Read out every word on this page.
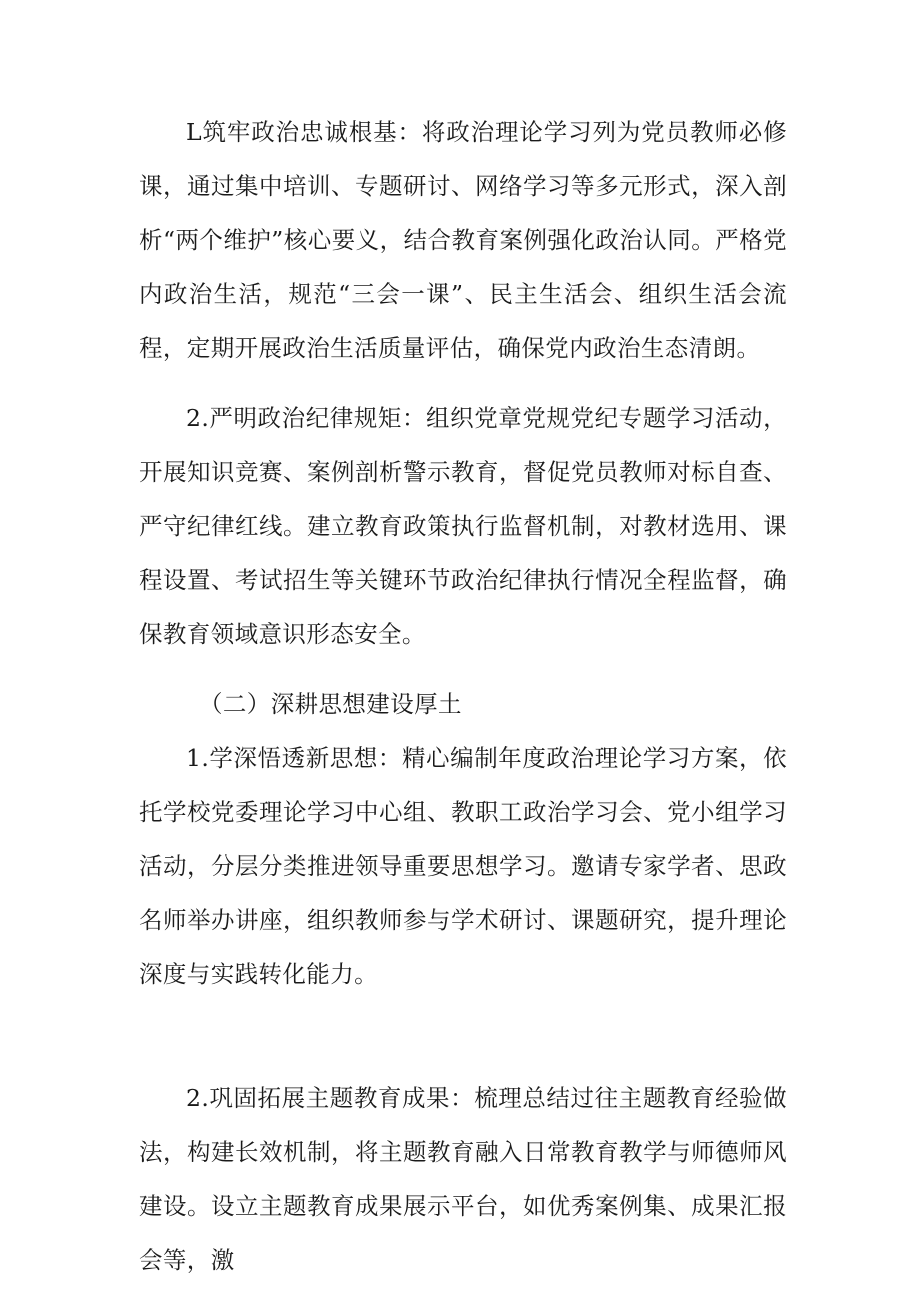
L筑牢政治忠诚根基：将政治理论学习列为党员教师必修课，通过集中培训、专题研讨、网络学习等多元形式，深入剖析“两个维护”核心要义，结合教育案例强化政治认同。严格党内政治生活，规范“三会一课”、民主生活会、组织生活会流程，定期开展政治生活质量评估，确保党内政治生态清朗。

2.严明政治纪律规矩：组织党章党规党纪专题学习活动，开展知识竞赛、案例剖析警示教育，督促党员教师对标自查、严守纪律红线。建立教育政策执行监督机制，对教材选用、课程设置、考试招生等关键环节政治纪律执行情况全程监督，确保教育领域意识形态安全。

（二）深耕思想建设厚土

1.学深悟透新思想：精心编制年度政治理论学习方案，依托学校党委理论学习中心组、教职工政治学习会、党小组学习活动，分层分类推进领导重要思想学习。邀请专家学者、思政名师举办讲座，组织教师参与学术研讨、课题研究，提升理论深度与实践转化能力。

2.巩固拓展主题教育成果：梳理总结过往主题教育经验做法，构建长效机制，将主题教育融入日常教育教学与师德师风建设。设立主题教育成果展示平台，如优秀案例集、成果汇报会等，激
